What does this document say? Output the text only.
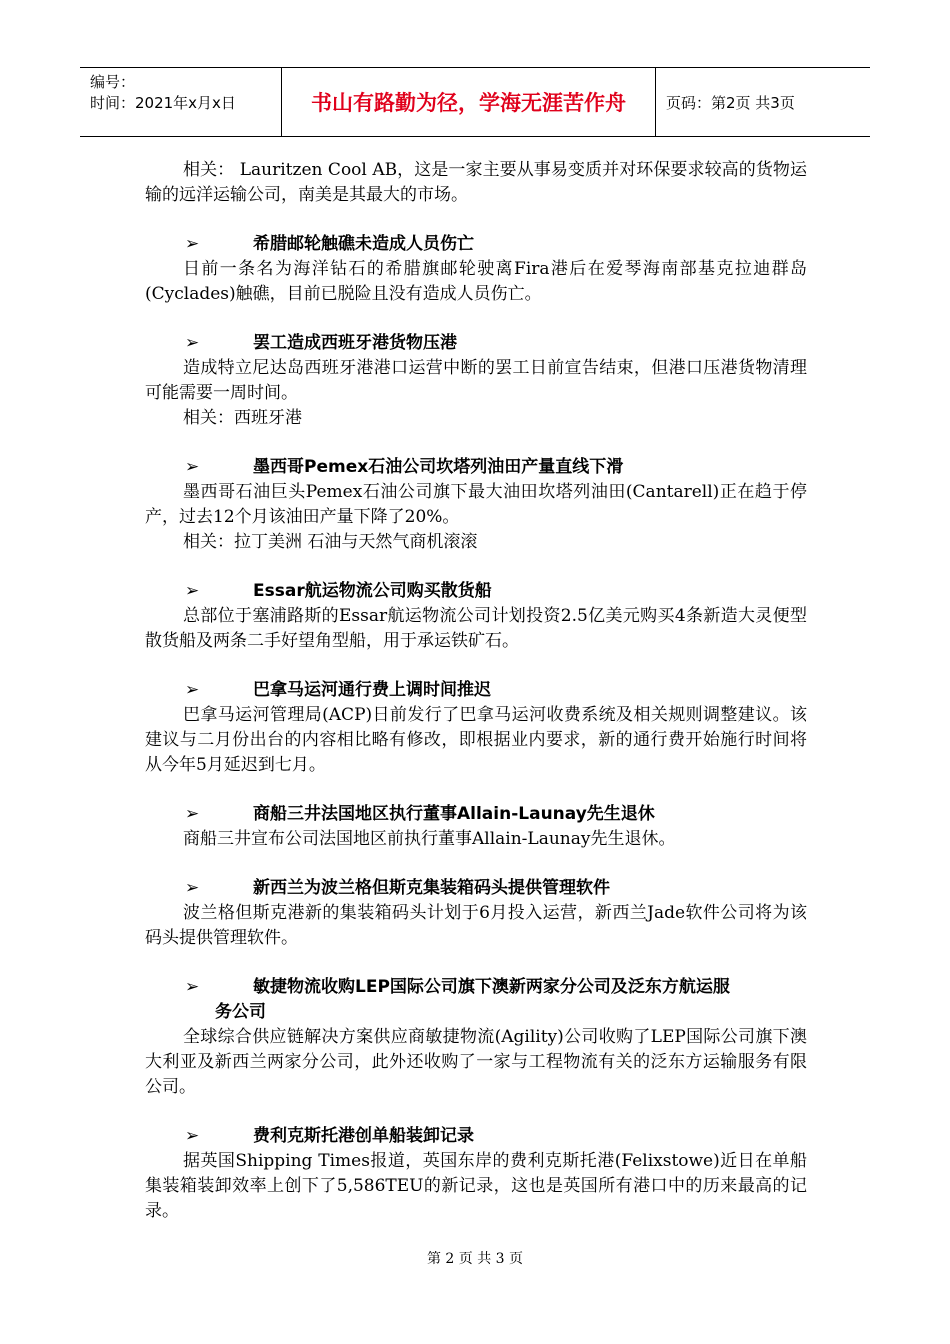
编号：
时间：2021年x月x日	书山有路勤为径，学海无涯苦作舟	页码：第2页 共3页

相关： Lauritzen Cool AB，这是一家主要从事易变质并对环保要求较高的货物运输的远洋运输公司，南美是其最大的市场。

➢	希腊邮轮触礁未造成人员伤亡

日前一条名为海洋钻石的希腊旗邮轮驶离Fira港后在爱琴海南部基克拉迪群岛(Cyclades)触礁，目前已脱险且没有造成人员伤亡。

➢	罢工造成西班牙港货物压港

造成特立尼达岛西班牙港港口运营中断的罢工日前宣告结束，但港口压港货物清理可能需要一周时间。

相关：西班牙港

➢	墨西哥Pemex石油公司坎塔列油田产量直线下滑

墨西哥石油巨头Pemex石油公司旗下最大油田坎塔列油田(Cantarell)正在趋于停产，过去12个月该油田产量下降了20%。

相关：拉丁美洲 石油与天然气商机滚滚

➢	Essar航运物流公司购买散货船

总部位于塞浦路斯的Essar航运物流公司计划投资2.5亿美元购买4条新造大灵便型散货船及两条二手好望角型船，用于承运铁矿石。

➢	巴拿马运河通行费上调时间推迟

巴拿马运河管理局(ACP)日前发行了巴拿马运河收费系统及相关规则调整建议。该建议与二月份出台的内容相比略有修改，即根据业内要求，新的通行费开始施行时间将从今年5月延迟到七月。

➢	商船三井法国地区执行董事Allain-Launay先生退休

商船三井宣布公司法国地区前执行董事Allain-Launay先生退休。

➢	新西兰为波兰格但斯克集装箱码头提供管理软件

波兰格但斯克港新的集装箱码头计划于6月投入运营，新西兰Jade软件公司将为该码头提供管理软件。

➢	敏捷物流收购LEP国际公司旗下澳新两家分公司及泛东方航运服
务公司

全球综合供应链解决方案供应商敏捷物流(Agility)公司收购了LEP国际公司旗下澳大利亚及新西兰两家分公司，此外还收购了一家与工程物流有关的泛东方运输服务有限公司。

➢	费利克斯托港创单船装卸记录

据英国Shipping Times报道，英国东岸的费利克斯托港(Felixstowe)近日在单船集装箱装卸效率上创下了5,586TEU的新记录，这也是英国所有港口中的历来最高的记录。

第 2 页 共 3 页
